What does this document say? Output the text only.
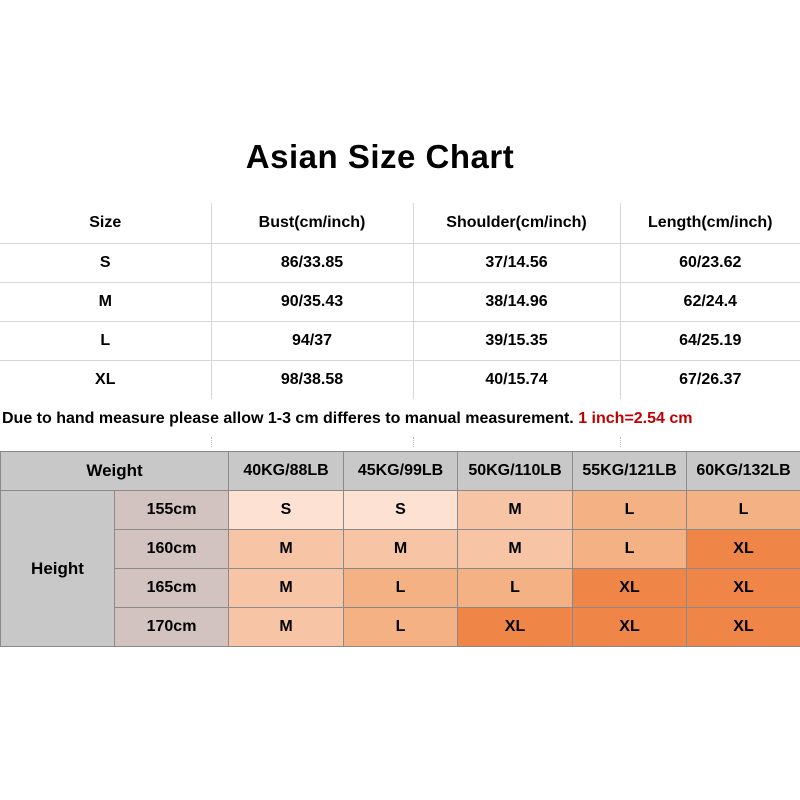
Asian Size Chart
Size	Bust(cm/inch)	Shoulder(cm/inch)	Length(cm/inch)
S	86/33.85	37/14.56	60/23.62
M	90/35.43	38/14.96	62/24.4
L	94/37	39/15.35	64/25.19
XL	98/38.58	40/15.74	67/26.37
Due to hand measure please allow 1-3 cm differes to manual measurement. 1 inch=2.54 cm
Weight		40KG/88LB	45KG/99LB	50KG/110LB	55KG/121LB	60KG/132LB
Height	155cm	S	S	M	L	L
	160cm	M	M	M	L	XL
	165cm	M	L	L	XL	XL
	170cm	M	L	XL	XL	XL
